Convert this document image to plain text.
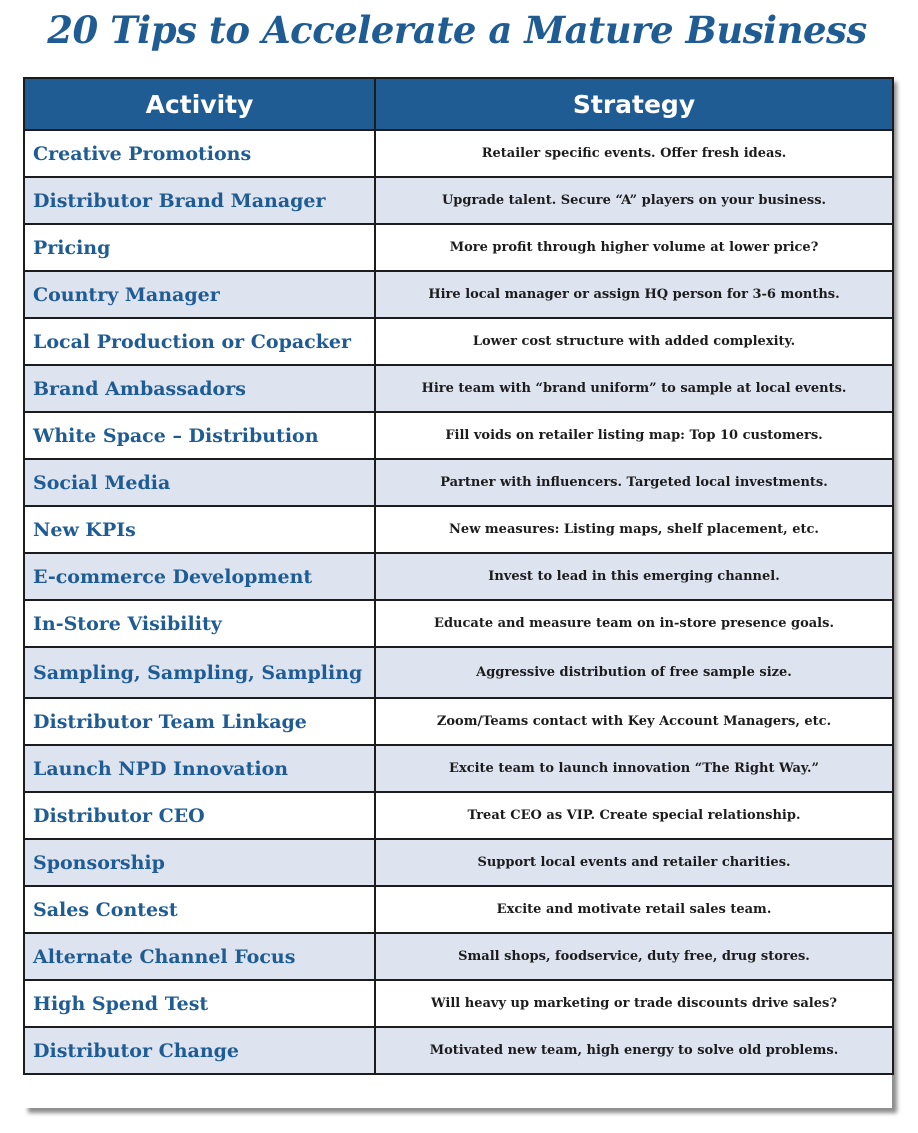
20 Tips to Accelerate a Mature Business
Activity	Strategy
Creative Promotions	Retailer specific events. Offer fresh ideas.
Distributor Brand Manager	Upgrade talent. Secure “A” players on your business.
Pricing	More profit through higher volume at lower price?
Country Manager	Hire local manager or assign HQ person for 3-6 months.
Local Production or Copacker	Lower cost structure with added complexity.
Brand Ambassadors	Hire team with “brand uniform” to sample at local events.
White Space – Distribution	Fill voids on retailer listing map: Top 10 customers.
Social Media	Partner with influencers. Targeted local investments.
New KPIs	New measures: Listing maps, shelf placement, etc.
E-commerce Development	Invest to lead in this emerging channel.
In-Store Visibility	Educate and measure team on in-store presence goals.
Sampling, Sampling, Sampling	Aggressive distribution of free sample size.
Distributor Team Linkage	Zoom/Teams contact with Key Account Managers, etc.
Launch NPD Innovation	Excite team to launch innovation “The Right Way.”
Distributor CEO	Treat CEO as VIP. Create special relationship.
Sponsorship	Support local events and retailer charities.
Sales Contest	Excite and motivate retail sales team.
Alternate Channel Focus	Small shops, foodservice, duty free, drug stores.
High Spend Test	Will heavy up marketing or trade discounts drive sales?
Distributor Change	Motivated new team, high energy to solve old problems.
